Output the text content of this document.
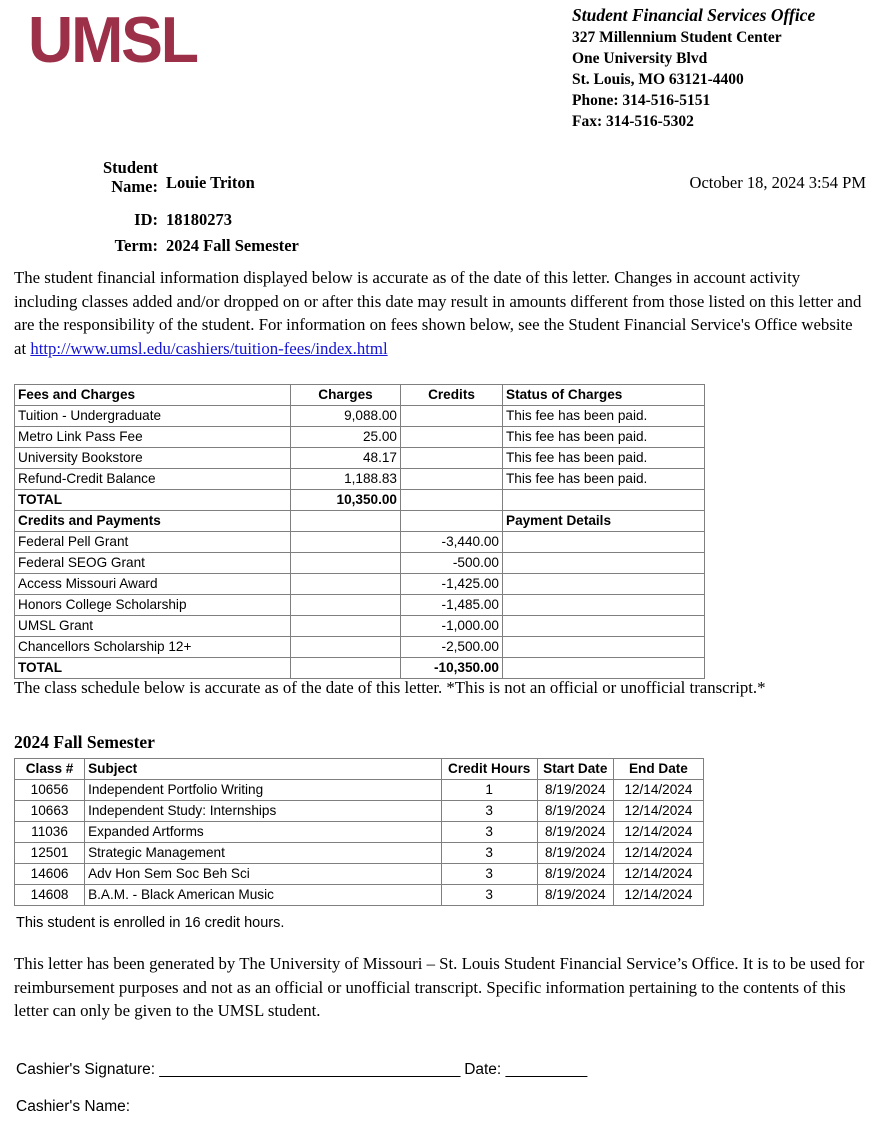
UMSL	Student Financial Services Office
327 Millennium Student Center
One University Blvd
St. Louis, MO 63121-4400
Phone: 314-516-5151
Fax: 314-516-5302
Student
Name: Louie Triton
ID: 18180273
Term: 2024 Fall Semester
October 18, 2024 3:54 PM
The student financial information displayed below is accurate as of the date of this letter. Changes in account activity including classes added and/or dropped on or after this date may result in amounts different from those listed on this letter and are the responsibility of the student. For information on fees shown below, see the Student Financial Service's Office website at http://www.umsl.edu/cashiers/tuition-fees/index.html
Fees and Charges	Charges	Credits	Status of Charges
Tuition - Undergraduate	9,088.00		This fee has been paid.
Metro Link Pass Fee	25.00		This fee has been paid.
University Bookstore	48.17		This fee has been paid.
Refund-Credit Balance	1,188.83		This fee has been paid.
TOTAL	10,350.00		
Credits and Payments			Payment Details
Federal Pell Grant		-3,440.00	
Federal SEOG Grant		-500.00	
Access Missouri Award		-1,425.00	
Honors College Scholarship		-1,485.00	
UMSL Grant		-1,000.00	
Chancellors Scholarship 12+		-2,500.00	
TOTAL		-10,350.00	
The class schedule below is accurate as of the date of this letter. *This is not an official or unofficial transcript.*
2024 Fall Semester
Class #	Subject	Credit Hours	Start Date	End Date
10656	Independent Portfolio Writing	1	8/19/2024	12/14/2024
10663	Independent Study: Internships	3	8/19/2024	12/14/2024
11036	Expanded Artforms	3	8/19/2024	12/14/2024
12501	Strategic Management	3	8/19/2024	12/14/2024
14606	Adv Hon Sem Soc Beh Sci	3	8/19/2024	12/14/2024
14608	B.A.M. - Black American Music	3	8/19/2024	12/14/2024
This student is enrolled in 16 credit hours.
This letter has been generated by The University of Missouri – St. Louis Student Financial Service’s Office. It is to be used for reimbursement purposes and not as an official or unofficial transcript. Specific information pertaining to the contents of this letter can only be given to the UMSL student.
Cashier's Signature: _____________________________________ Date: __________
Cashier's Name:
